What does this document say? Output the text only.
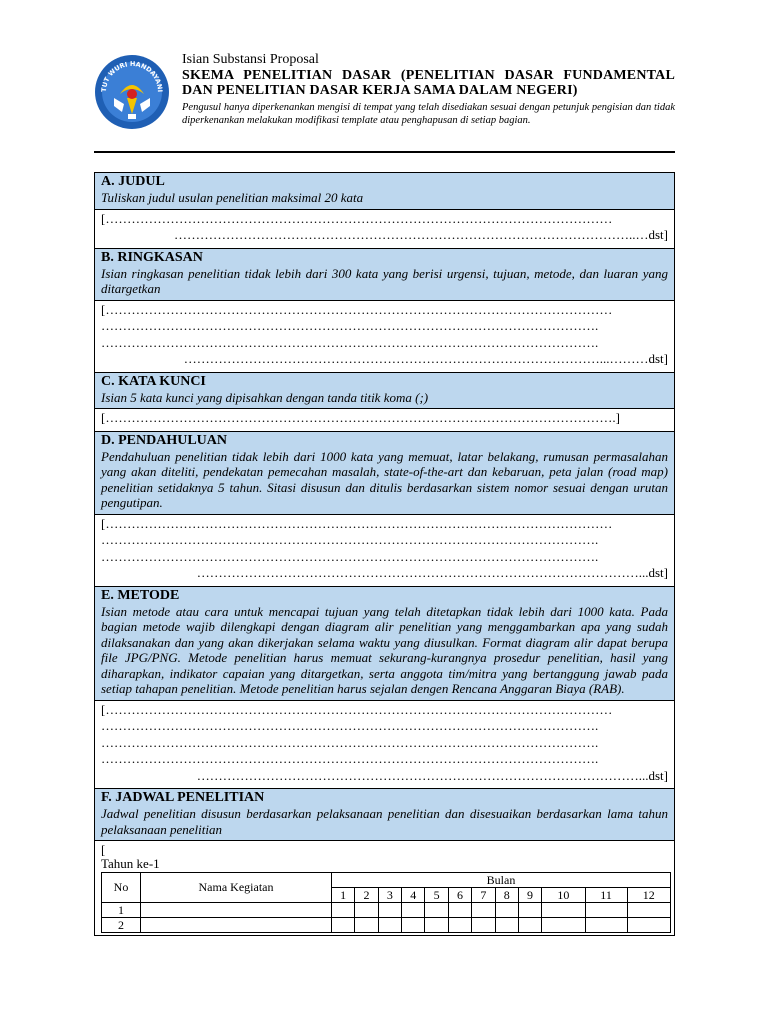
TUT WURI HANDAYANI
Isian Substansi Proposal
SKEMA PENELITIAN DASAR (PENELITIAN DASAR FUNDAMENTAL DAN PENELITIAN DASAR KERJA SAMA DALAM NEGERI)
Pengusul hanya diperkenankan mengisi di tempat yang telah disediakan sesuai dengan petunjuk pengisian dan tidak diperkenankan melakukan modifikasi template atau penghapusan di setiap bagian.
A. JUDUL
Tuliskan judul usulan penelitian maksimal 20 kata
[………………………………………………………………………………………………………
……………………………………………………………………………………………..…dst]
B. RINGKASAN
Isian ringkasan penelitian tidak lebih dari 300 kata yang berisi urgensi, tujuan, metode, dan luaran yang ditargetkan
[………………………………………………………………………………………………………
…………………………………………………………………………………………………….
…………………………………………………………………………………………………….
……………………………………………………………………………………...………dst]
C. KATA KUNCI
Isian 5 kata kunci yang dipisahkan dengan tanda titik koma (;)
[……………………………………………………………………………………………………….]
D. PENDAHULUAN
Pendahuluan penelitian tidak lebih dari 1000 kata yang memuat, latar belakang, rumusan permasalahan yang akan diteliti, pendekatan pemecahan masalah, state-of-the-art dan kebaruan, peta jalan (road map) penelitian setidaknya 5 tahun. Sitasi disusun dan ditulis berdasarkan sistem nomor sesuai dengan urutan pengutipan.
[………………………………………………………………………………………………………
…………………………………………………………………………………………………….
…………………………………………………………………………………………………….
…………………………………………………………………………………………...dst]
E. METODE
Isian metode atau cara untuk mencapai tujuan yang telah ditetapkan tidak lebih dari 1000 kata. Pada bagian metode wajib dilengkapi dengan diagram alir penelitian yang menggambarkan apa yang sudah dilaksanakan dan yang akan dikerjakan selama waktu yang diusulkan. Format diagram alir dapat berupa file JPG/PNG. Metode penelitian harus memuat sekurang-kurangnya prosedur penelitian, hasil yang diharapkan, indikator capaian yang ditargetkan, serta anggota tim/mitra yang bertanggung jawab pada setiap tahapan penelitian. Metode penelitian harus sejalan dengen Rencana Anggaran Biaya (RAB).
[………………………………………………………………………………………………………
…………………………………………………………………………………………………….
…………………………………………………………………………………………………….
…………………………………………………………………………………………………….
…………………………………………………………………………………………...dst]
F. JADWAL PENELITIAN
Jadwal penelitian disusun berdasarkan pelaksanaan penelitian dan disesuaikan berdasarkan lama tahun pelaksanaan penelitian
[
Tahun ke-1
No	Nama Kegiatan	Bulan											
		1	2	3	4	5	6	7	8	9	10	11	12
1													
2													
